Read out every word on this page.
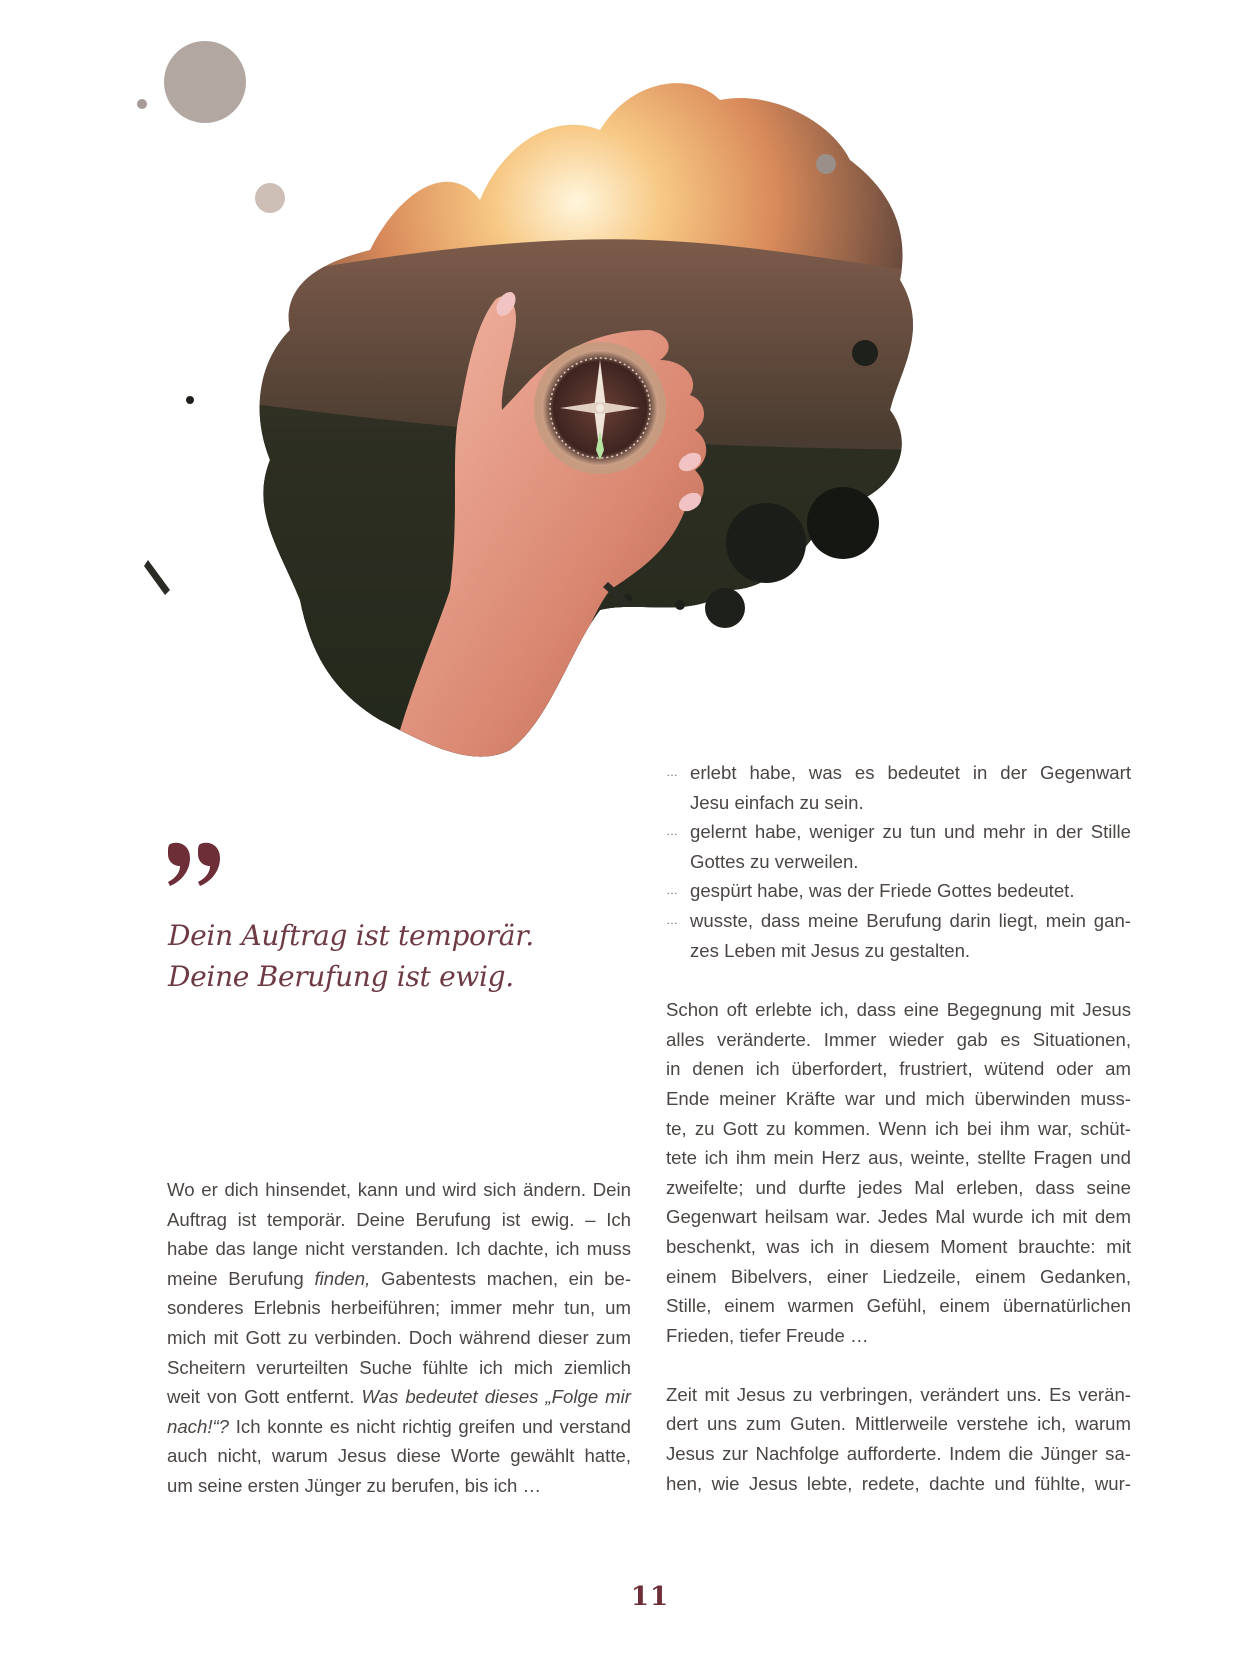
Dein Auftrag ist temporär.
Deine Berufung ist ewig.

Wo er dich hinsendet, kann und wird sich ändern. Dein
Auftrag ist temporär. Deine Berufung ist ewig. – Ich
habe das lange nicht verstanden. Ich dachte, ich muss
meine Berufung finden, Gabentests machen, ein be-
sonderes Erlebnis herbeiführen; immer mehr tun, um
mich mit Gott zu verbinden. Doch während dieser zum
Scheitern verurteilten Suche fühlte ich mich ziemlich
weit von Gott entfernt. Was bedeutet dieses „Folge mir
nach!“? Ich konnte es nicht richtig greifen und verstand
auch nicht, warum Jesus diese Worte gewählt hatte,
um seine ersten Jünger zu berufen, bis ich …

… erlebt habe, was es bedeutet in der Gegenwart
Jesu einfach zu sein.
… gelernt habe, weniger zu tun und mehr in der Stille
Gottes zu verweilen.
… gespürt habe, was der Friede Gottes bedeutet.
… wusste, dass meine Berufung darin liegt, mein gan-
zes Leben mit Jesus zu gestalten.

Schon oft erlebte ich, dass eine Begegnung mit Jesus
alles veränderte. Immer wieder gab es Situationen,
in denen ich überfordert, frustriert, wütend oder am
Ende meiner Kräfte war und mich überwinden muss-
te, zu Gott zu kommen. Wenn ich bei ihm war, schüt-
tete ich ihm mein Herz aus, weinte, stellte Fragen und
zweifelte; und durfte jedes Mal erleben, dass seine
Gegenwart heilsam war. Jedes Mal wurde ich mit dem
beschenkt, was ich in diesem Moment brauchte: mit
einem Bibelvers, einer Liedzeile, einem Gedanken,
Stille, einem warmen Gefühl, einem übernatürlichen
Frieden, tiefer Freude …

Zeit mit Jesus zu verbringen, verändert uns. Es verän-
dert uns zum Guten. Mittlerweile verstehe ich, warum
Jesus zur Nachfolge aufforderte. Indem die Jünger sa-
hen, wie Jesus lebte, redete, dachte und fühlte, wur-

11
